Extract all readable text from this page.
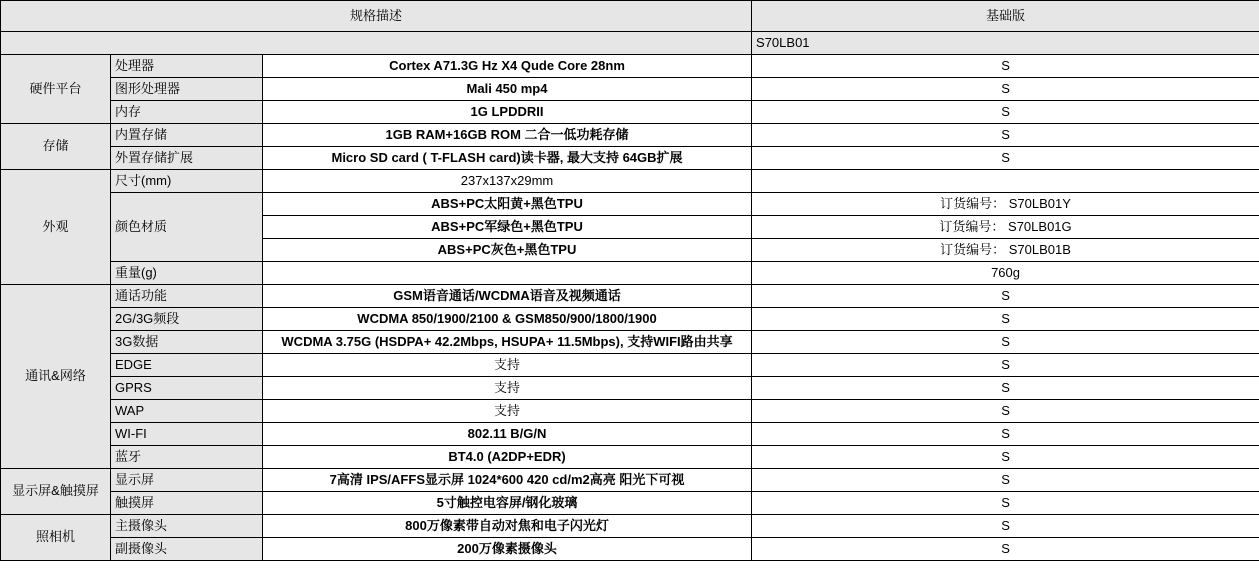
规格描述			基础版
			S70LB01
硬件平台	处理器	Cortex A71.3G Hz X4 Qude Core 28nm	S
	图形处理器	Mali 450 mp4	S
	内存	1G LPDDRII	S
存储	内置存储	1GB RAM+16GB ROM 二合一低功耗存储	S
	外置存储扩展	Micro SD card ( T-FLASH card)读卡器, 最大支持 64GB扩展	S
外观	尺寸(mm)	237x137x29mm	
	颜色材质	ABS+PC太阳黄+黑色TPU	订货编号： S70LB01Y
		ABS+PC军绿色+黑色TPU	订货编号： S70LB01G
		ABS+PC灰色+黑色TPU	订货编号： S70LB01B
	重量(g)		760g
通讯&网络	通话功能	GSM语音通话/WCDMA语音及视频通话	S
	2G/3G频段	WCDMA 850/1900/2100 & GSM850/900/1800/1900	S
	3G数据	WCDMA 3.75G (HSDPA+ 42.2Mbps, HSUPA+ 11.5Mbps), 支持WIFI路由共享	S
	EDGE	支持	S
	GPRS	支持	S
	WAP	支持	S
	WI-FI	802.11 B/G/N	S
	蓝牙	BT4.0 (A2DP+EDR)	S
显示屏&触摸屏	显示屏	7高清 IPS/AFFS显示屏 1024*600 420 cd/m2高亮 阳光下可视	S
	触摸屏	5寸触控电容屏/钢化玻璃	S
照相机	主摄像头	800万像素带自动对焦和电子闪光灯	S
	副摄像头	200万像素摄像头	S
